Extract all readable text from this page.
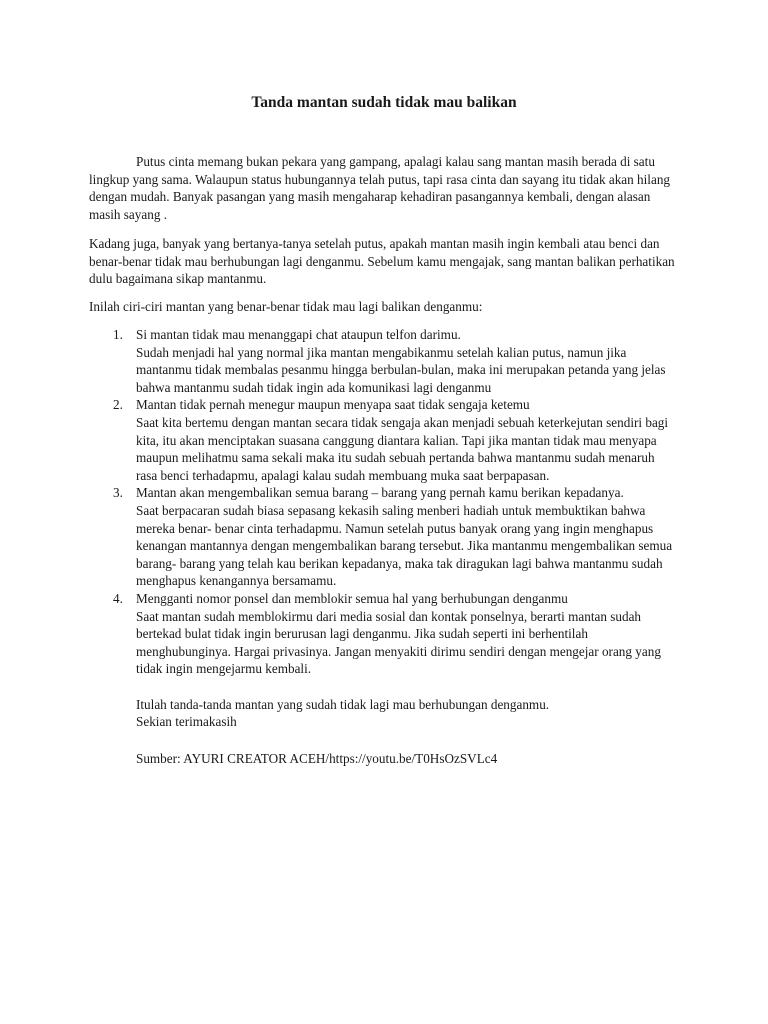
Tanda mantan sudah tidak mau balikan

Putus cinta memang bukan pekara yang gampang, apalagi kalau sang mantan masih berada di satu lingkup yang sama. Walaupun status hubungannya telah putus, tapi rasa cinta dan sayang itu tidak akan hilang dengan mudah. Banyak pasangan yang masih mengaharap kehadiran pasangannya kembali, dengan alasan masih sayang .

Kadang juga, banyak yang bertanya-tanya setelah putus, apakah mantan masih ingin kembali atau benci dan benar-benar tidak mau berhubungan lagi denganmu. Sebelum kamu mengajak, sang mantan balikan perhatikan dulu bagaimana sikap mantanmu.

Inilah ciri-ciri mantan yang benar-benar tidak mau lagi balikan denganmu:

1. Si mantan tidak mau menanggapi chat ataupun telfon darimu.
Sudah menjadi hal yang normal jika mantan mengabikanmu setelah kalian putus, namun jika mantanmu tidak membalas pesanmu hingga berbulan-bulan, maka ini merupakan petanda yang jelas bahwa mantanmu sudah tidak ingin ada komunikasi lagi denganmu
2. Mantan tidak pernah menegur maupun menyapa saat tidak sengaja ketemu
Saat kita bertemu dengan mantan secara tidak sengaja akan menjadi sebuah keterkejutan sendiri bagi kita, itu akan menciptakan suasana canggung diantara kalian. Tapi jika mantan tidak mau menyapa maupun melihatmu sama sekali maka itu sudah sebuah pertanda bahwa mantanmu sudah menaruh rasa benci terhadapmu, apalagi kalau sudah membuang muka saat berpapasan.
3. Mantan akan mengembalikan semua barang – barang yang pernah kamu berikan kepadanya.
Saat berpacaran sudah biasa sepasang kekasih saling menberi hadiah untuk membuktikan bahwa mereka benar- benar cinta terhadapmu. Namun setelah putus banyak orang yang ingin menghapus kenangan mantannya dengan mengembalikan barang tersebut. Jika mantanmu mengembalikan semua barang- barang yang telah kau berikan kepadanya, maka tak diragukan lagi bahwa mantanmu sudah menghapus kenangannya bersamamu.
4. Mengganti nomor ponsel dan memblokir semua hal yang berhubungan denganmu
Saat mantan sudah memblokirmu dari media sosial dan kontak ponselnya, berarti mantan sudah bertekad bulat tidak ingin berurusan lagi denganmu. Jika sudah seperti ini berhentilah menghubunginya. Hargai privasinya. Jangan menyakiti dirimu sendiri dengan mengejar orang yang tidak ingin mengejarmu kembali.

Itulah tanda-tanda mantan yang sudah tidak lagi mau berhubungan denganmu.

Sekian terimakasih

Sumber: AYURI CREATOR ACEH/https://youtu.be/T0HsOzSVLc4
